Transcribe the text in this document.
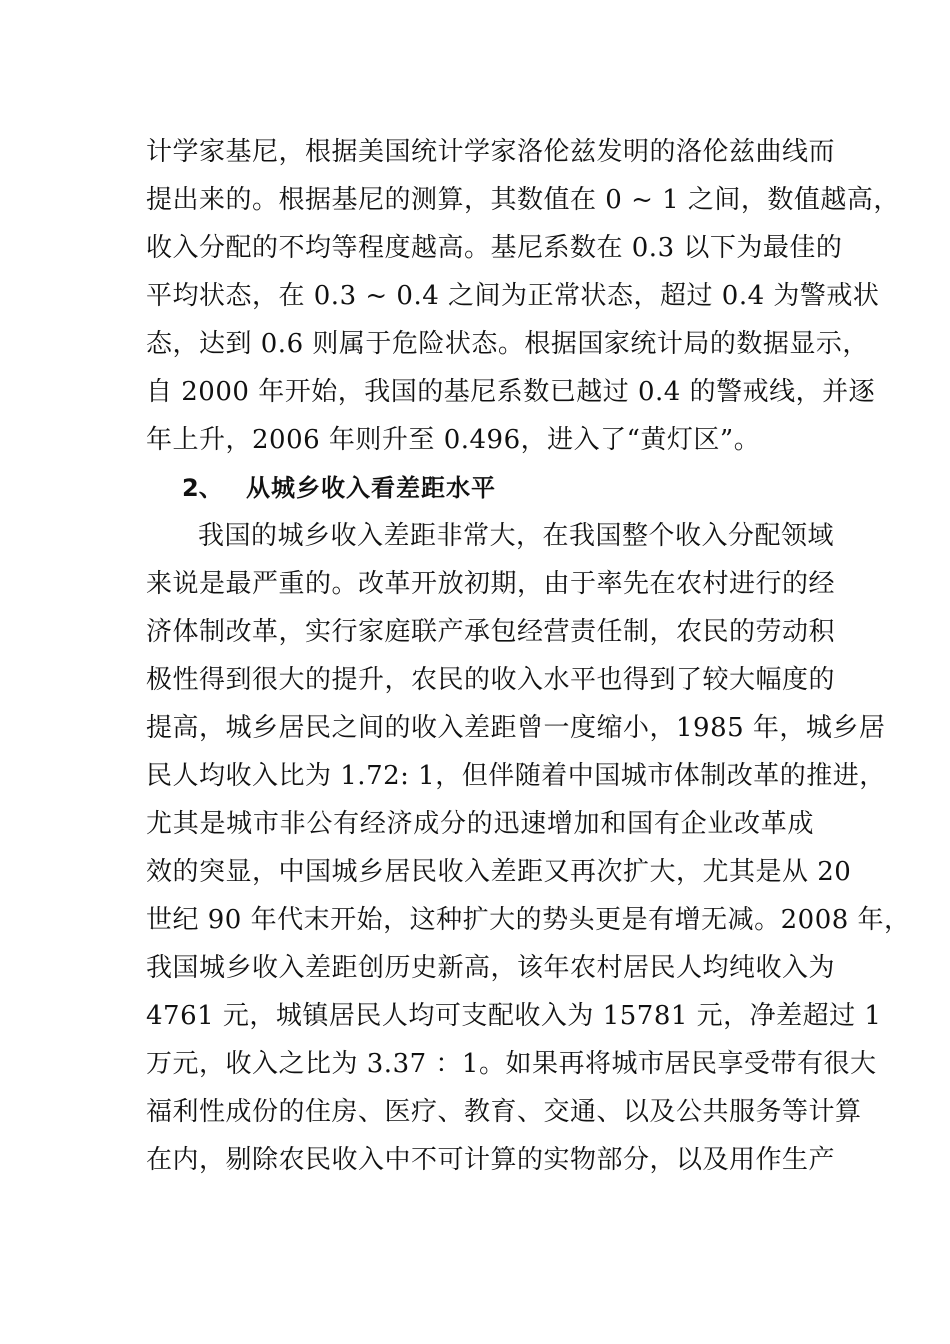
计学家基尼，根据美国统计学家洛伦兹发明的洛伦兹曲线而
提出来的。根据基尼的测算，其数值在 0 ~ 1 之间，数值越高，
收入分配的不均等程度越高。基尼系数在 0.3 以下为最佳的
平均状态，在 0.3 ~ 0.4 之间为正常状态，超过 0.4 为警戒状
态，达到 0.6 则属于危险状态。根据国家统计局的数据显示，
自 2000 年开始，我国的基尼系数已越过 0.4 的警戒线，并逐
年上升，2006 年则升至 0.496，进入了“黄灯区”。
2、 从城乡收入看差距水平
我国的城乡收入差距非常大，在我国整个收入分配领域
来说是最严重的。改革开放初期，由于率先在农村进行的经
济体制改革，实行家庭联产承包经营责任制，农民的劳动积
极性得到很大的提升，农民的收入水平也得到了较大幅度的
提高，城乡居民之间的收入差距曾一度缩小，1985 年，城乡居
民人均收入比为 1.72: 1，但伴随着中国城市体制改革的推进，
尤其是城市非公有经济成分的迅速增加和国有企业改革成
效的突显，中国城乡居民收入差距又再次扩大，尤其是从 20
世纪 90 年代末开始，这种扩大的势头更是有增无减。2008 年，
我国城乡收入差距创历史新高，该年农村居民人均纯收入为
4761 元，城镇居民人均可支配收入为 15781 元，净差超过 1
万元，收入之比为 3.37 ：1。如果再将城市居民享受带有很大
福利性成份的住房、医疗、教育、交通、以及公共服务等计算
在内，剔除农民收入中不可计算的实物部分，以及用作生产
